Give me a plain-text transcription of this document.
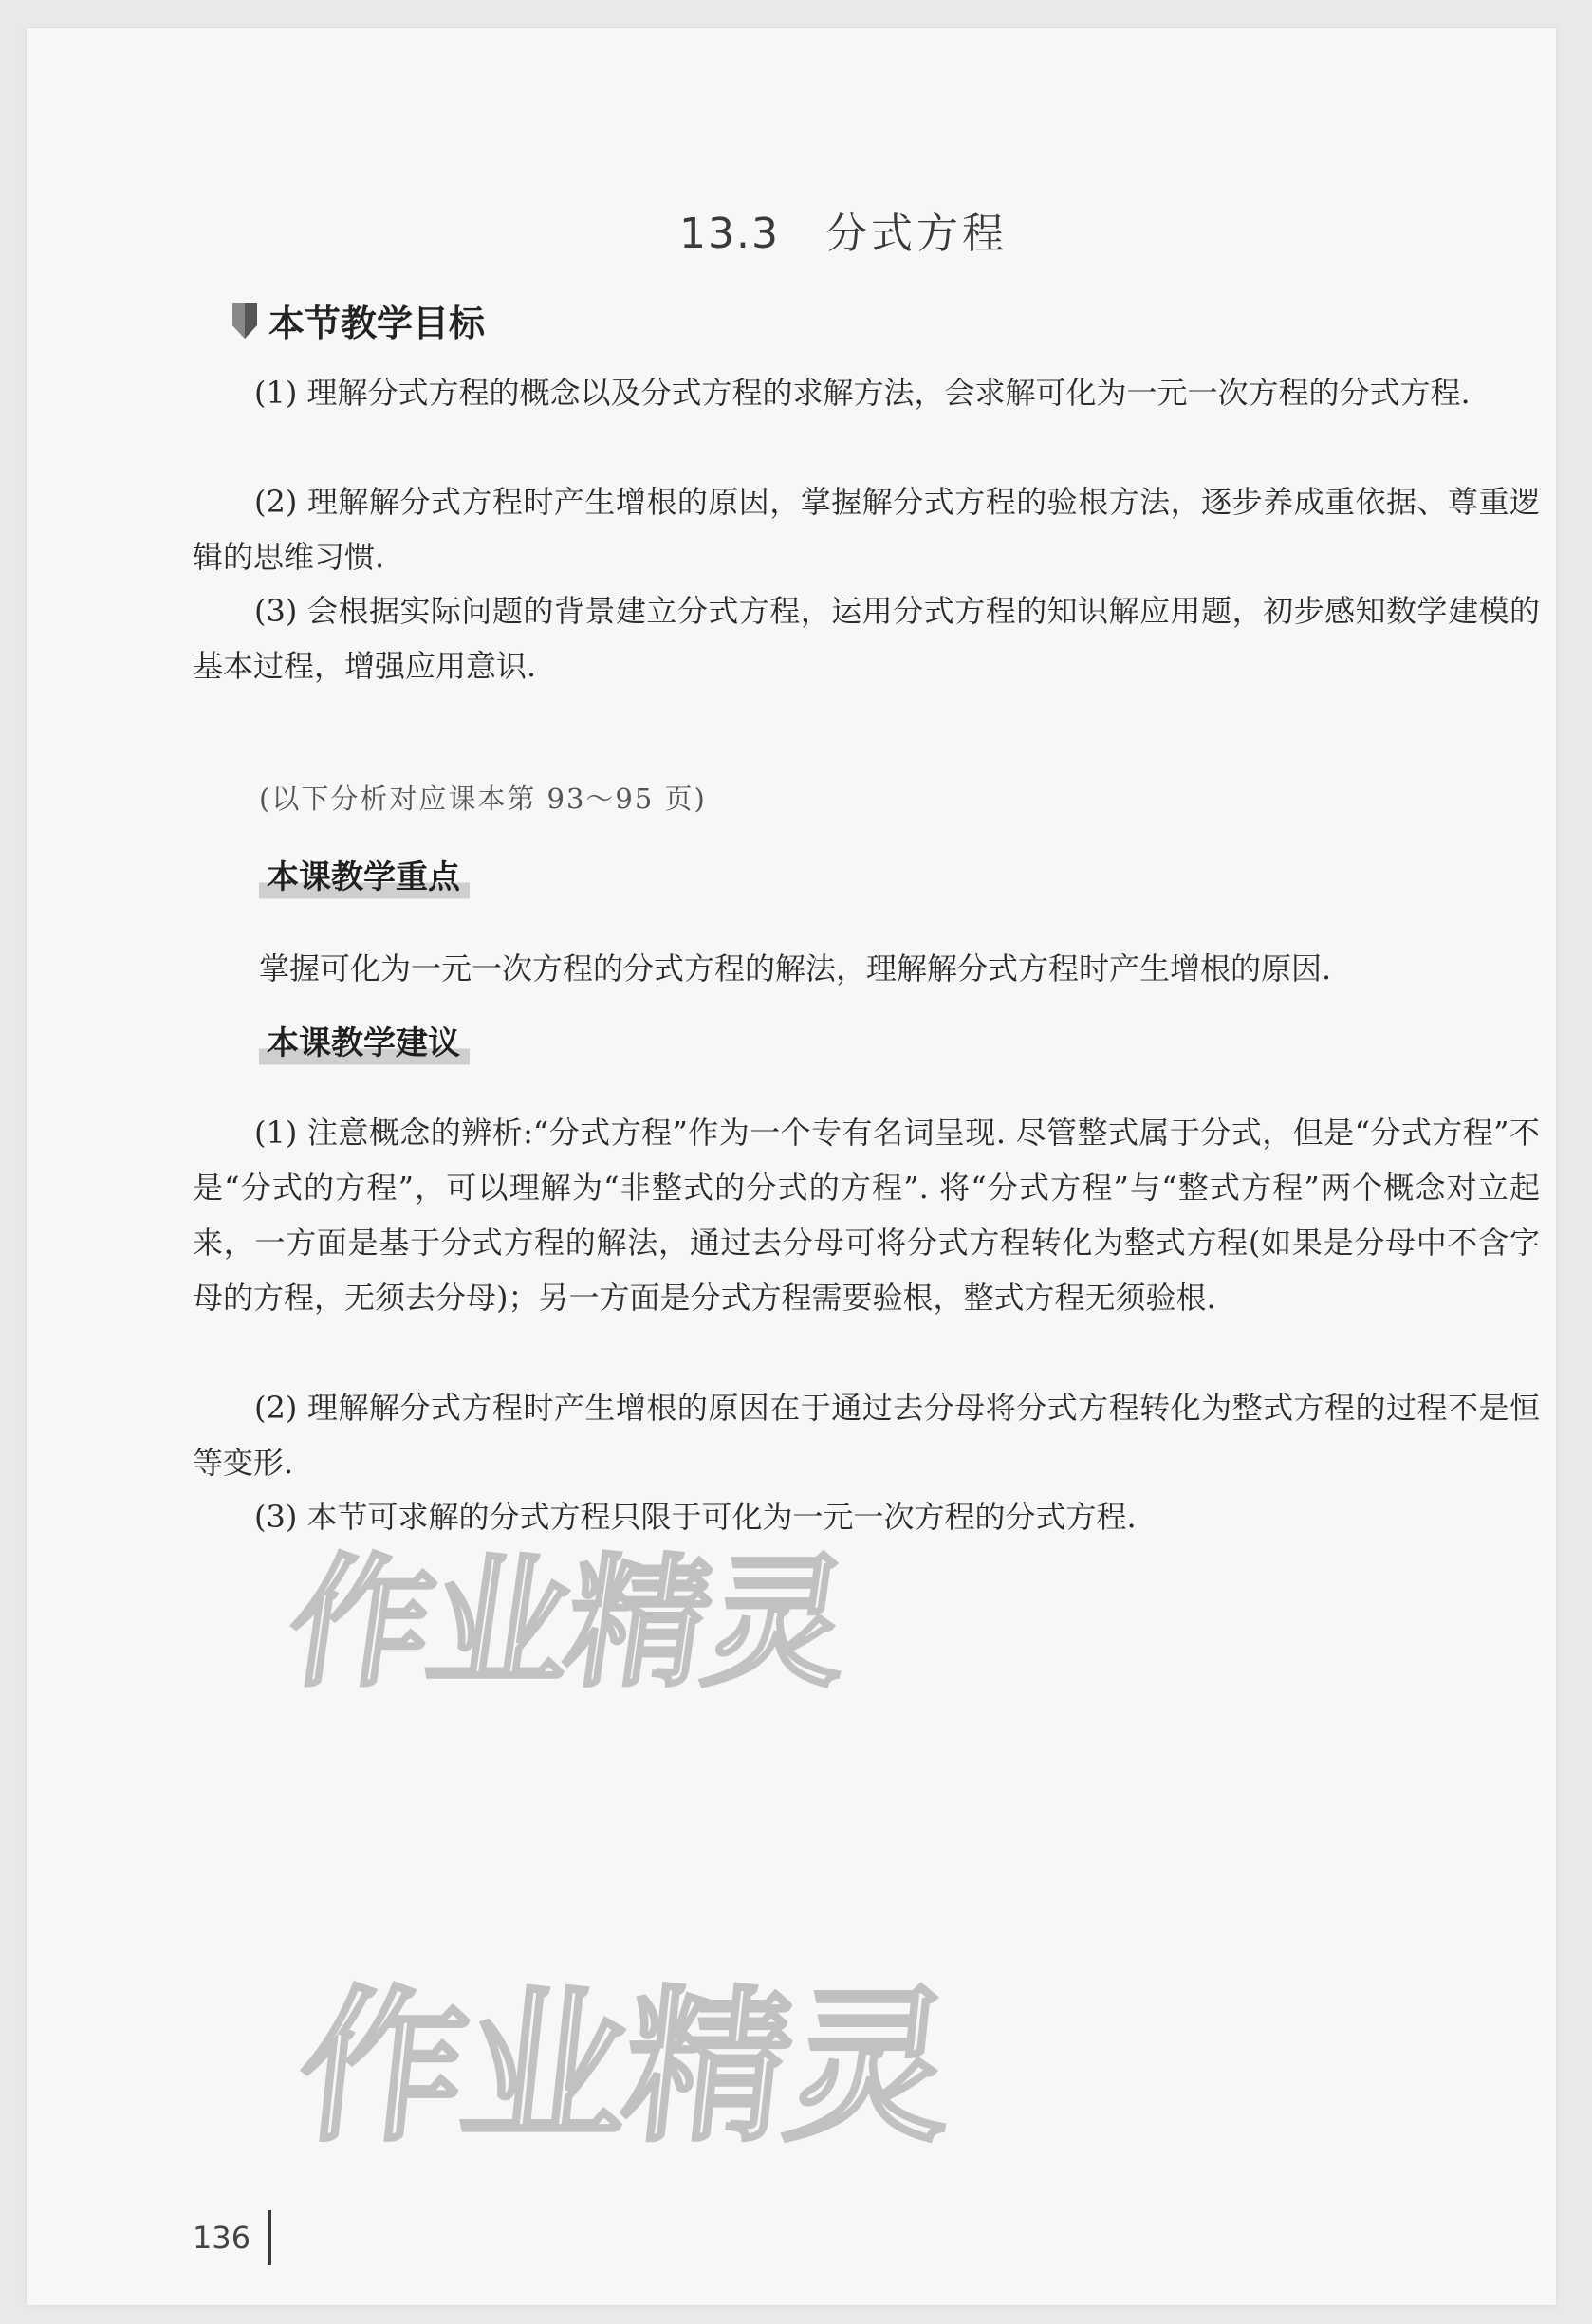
13.3 分式方程
本节教学目标

(1) 理解分式方程的概念以及分式方程的求解方法，会求解可化为一元一次方程的分式方程.

(2) 理解解分式方程时产生增根的原因，掌握解分式方程的验根方法，逐步养成重依据、尊重逻辑的思维习惯.

(3) 会根据实际问题的背景建立分式方程，运用分式方程的知识解应用题，初步感知数学建模的基本过程，增强应用意识.

(以下分析对应课本第 93～95 页)
本课教学重点

掌握可化为一元一次方程的分式方程的解法，理解解分式方程时产生增根的原因.

本课教学建议

(1) 注意概念的辨析:“分式方程”作为一个专有名词呈现. 尽管整式属于分式，但是“分式方程”不是“分式的方程”，可以理解为“非整式的分式的方程”. 将“分式方程”与“整式方程”两个概念对立起来，一方面是基于分式方程的解法，通过去分母可将分式方程转化为整式方程(如果是分母中不含字母的方程，无须去分母)；另一方面是分式方程需要验根，整式方程无须验根.

(2) 理解解分式方程时产生增根的原因在于通过去分母将分式方程转化为整式方程的过程不是恒等变形.

(3) 本节可求解的分式方程只限于可化为一元一次方程的分式方程.

作业精灵
作业精灵
136
